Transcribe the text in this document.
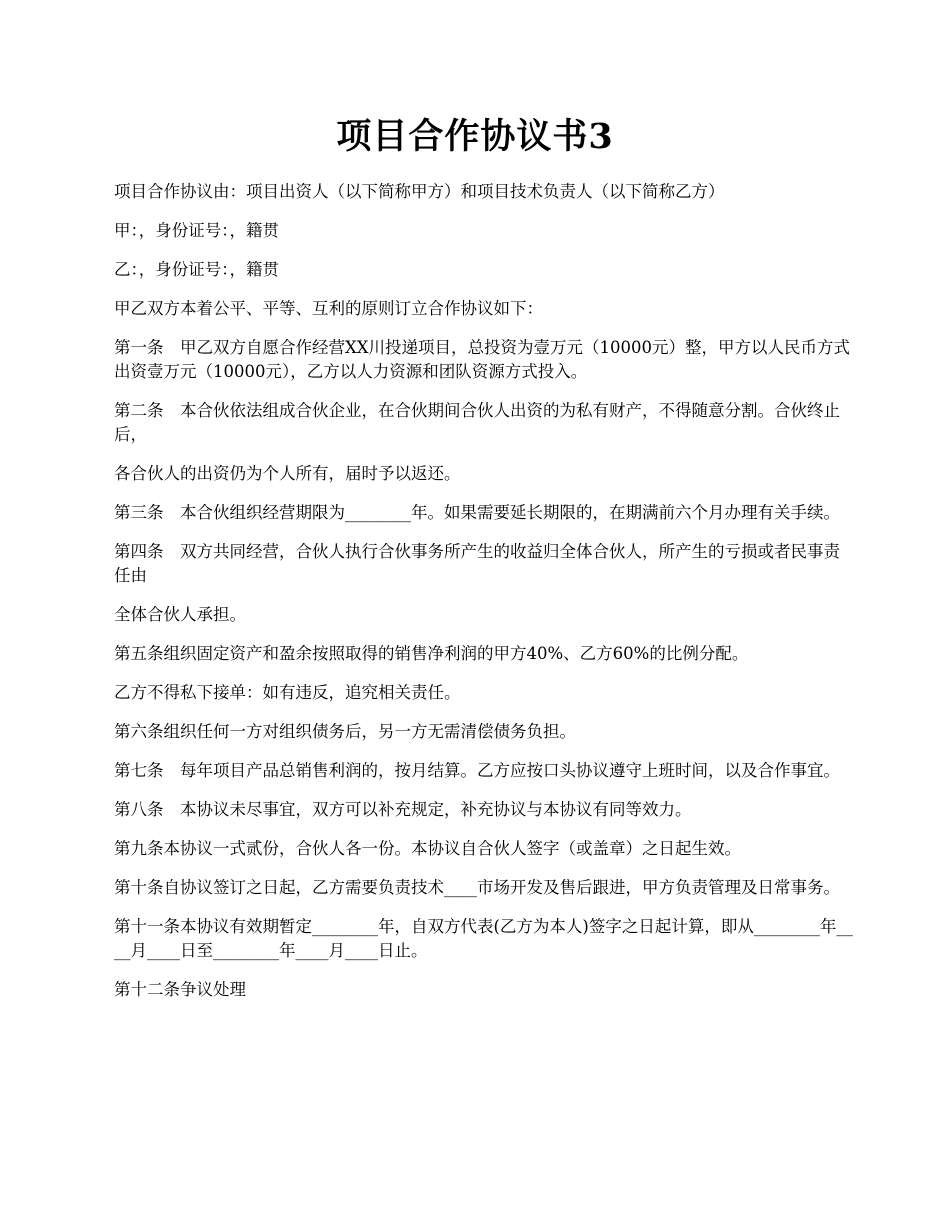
项目合作协议书3

项目合作协议由：项目出资人（以下简称甲方）和项目技术负责人（以下简称乙方）

甲：，身份证号：，籍贯

乙：，身份证号：，籍贯

甲乙双方本着公平、平等、互利的原则订立合作协议如下：

第一条　甲乙双方自愿合作经营XX川投递项目，总投资为壹万元（10000元）整，甲方以人民币方式出资壹万元（10000元），乙方以人力资源和团队资源方式投入。

第二条　本合伙依法组成合伙企业，在合伙期间合伙人出资的为私有财产，不得随意分割。合伙终止后，

各合伙人的出资仍为个人所有，届时予以返还。

第三条　本合伙组织经营期限为________年。如果需要延长期限的，在期满前六个月办理有关手续。

第四条　双方共同经营，合伙人执行合伙事务所产生的收益归全体合伙人，所产生的亏损或者民事责任由

全体合伙人承担。

第五条组织固定资产和盈余按照取得的销售净利润的甲方40%、乙方60%的比例分配。

乙方不得私下接单：如有违反，追究相关责任。

第六条组织任何一方对组织债务后，另一方无需清偿债务负担。

第七条　每年项目产品总销售利润的，按月结算。乙方应按口头协议遵守上班时间，以及合作事宜。

第八条　本协议未尽事宜，双方可以补充规定，补充协议与本协议有同等效力。

第九条本协议一式贰份，合伙人各一份。本协议自合伙人签字（或盖章）之日起生效。

第十条自协议签订之日起，乙方需要负责技术____市场开发及售后跟进，甲方负责管理及日常事务。

第十一条本协议有效期暂定________年，自双方代表(乙方为本人)签字之日起计算，即从________年____月____日至________年____月____日止。

第十二条争议处理
